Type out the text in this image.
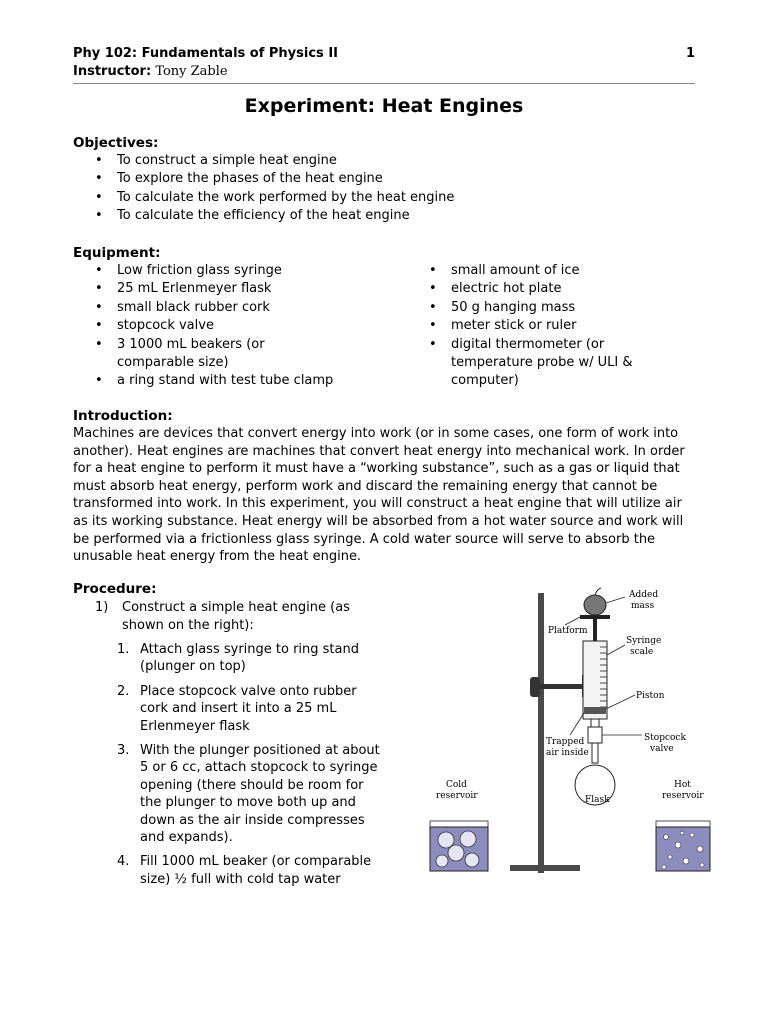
Phy 102: Fundamentals of Physics II	1
Instructor: Tony Zable
Experiment: Heat Engines
Objectives:
• To construct a simple heat engine
• To explore the phases of the heat engine
• To calculate the work performed by the heat engine
• To calculate the efficiency of the heat engine
Equipment:
• Low friction glass syringe
• 25 mL Erlenmeyer flask
• small black rubber cork
• stopcock valve
• 3 1000 mL beakers (or comparable size)
• a ring stand with test tube clamp
• small amount of ice
• electric hot plate
• 50 g hanging mass
• meter stick or ruler
• digital thermometer (or temperature probe w/ ULI & computer)
Introduction:
Machines are devices that convert energy into work (or in some cases, one form of work into another). Heat engines are machines that convert heat energy into mechanical work. In order for a heat engine to perform it must have a “working substance”, such as a gas or liquid that must absorb heat energy, perform work and discard the remaining energy that cannot be transformed into work. In this experiment, you will construct a heat engine that will utilize air as its working substance. Heat energy will be absorbed from a hot water source and work will be performed via a frictionless glass syringe. A cold water source will serve to absorb the unusable heat energy from the heat engine.
Procedure:
1) Construct a simple heat engine (as shown on the right):
1. Attach glass syringe to ring stand (plunger on top)
2. Place stopcock valve onto rubber cork and insert it into a 25 mL Erlenmeyer flask
3. With the plunger positioned at about 5 or 6 cc, attach stopcock to syringe opening (there should be room for the plunger to move both up and down as the air inside compresses and expands).
4. Fill 1000 mL beaker (or comparable size) ½ full with cold tap water
Added
mass
Platform
Syringe
scale
Piston
Trapped
air inside
Stopcock
valve
Flask
Cold
reservoir
Hot
reservoir
